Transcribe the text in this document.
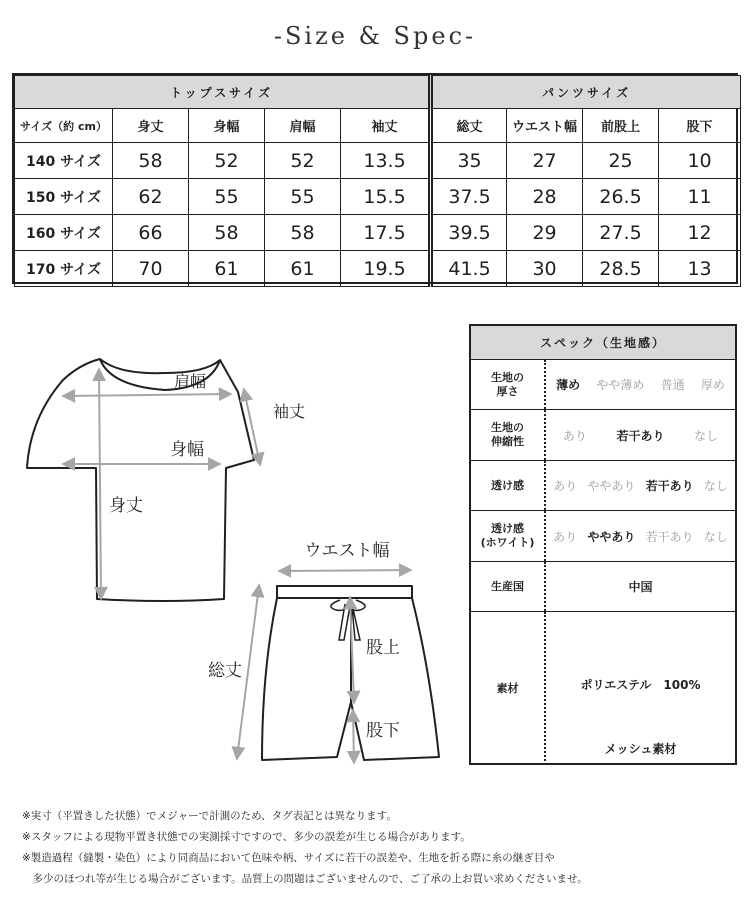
-Size & Spec-
トップスサイズ					パンツサイズ			
サイズ（約 cm）	身丈	身幅	肩幅	袖丈	総丈	ウエスト幅	前股上	股下
140 サイズ	58	52	52	13.5	35	27	25	10
150 サイズ	62	55	55	15.5	37.5	28	26.5	11
160 サイズ	66	58	58	17.5	39.5	29	27.5	12
170 サイズ	70	61	61	19.5	41.5	30	28.5	13
肩幅
袖丈
身幅
身丈
ウエスト幅
総丈
股上
股下
スペック（生地感）
生地の
厚さ	薄め やや薄め 普通 厚め
生地の
伸縮性	あり 若干あり なし
透け感	あり ややあり 若干あり なし
透け感
(ホワイト) あり ややあり 若干あり なし
生産国	中国
素材	ポリエステル　100%
メッシュ素材
※実寸（平置きした状態）でメジャーで計測のため、タグ表記とは異なります。
※スタッフによる現物平置き状態での実測採寸ですので、多少の誤差が生じる場合があります。
※製造過程（縫製・染色）により同商品において色味や柄、サイズに若干の誤差や、生地を折る際に糸の継ぎ目や
　多少のほつれ等が生じる場合がございます。品質上の問題はございませんので、ご了承の上お買い求めくださいませ。
